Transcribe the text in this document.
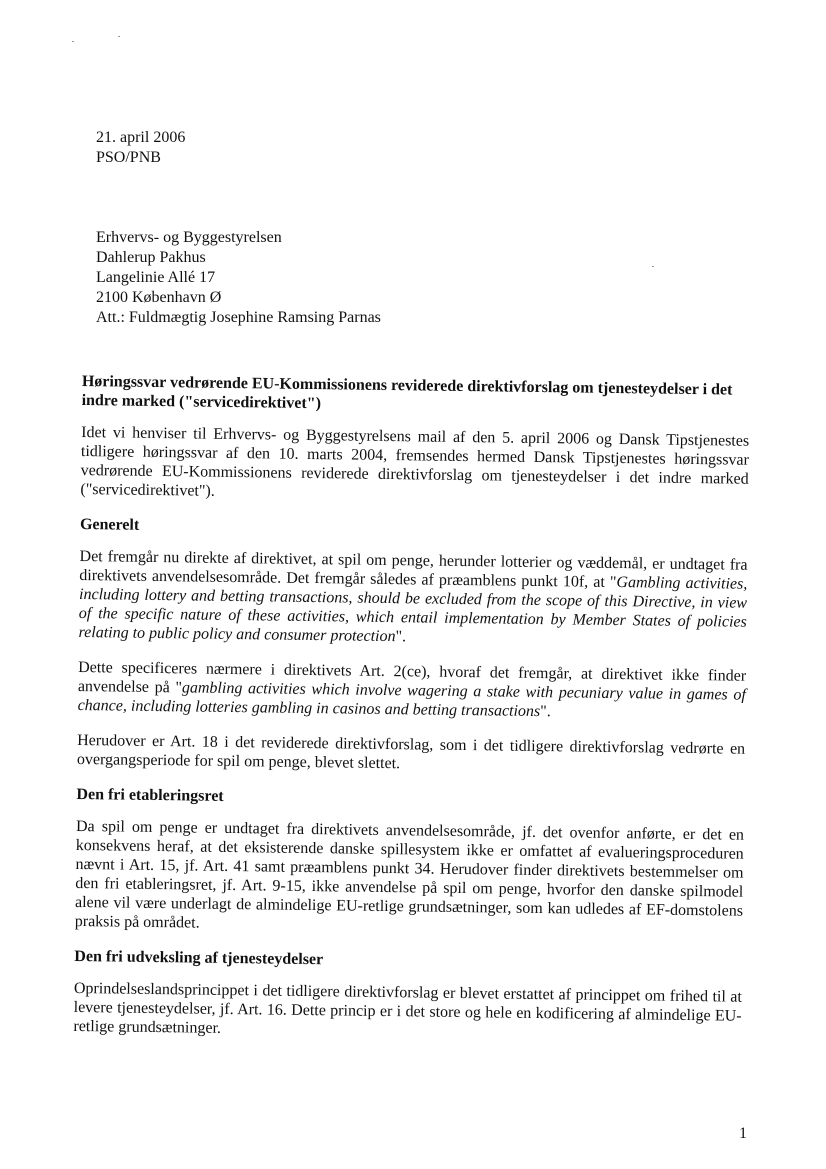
21. april 2006
PSO/PNB
Erhvervs- og Byggestyrelsen
Dahlerup Pakhus
Langelinie Allé 17
2100 København Ø
Att.: Fuldmægtig Josephine Ramsing Parnas
Høringssvar vedrørende EU-Kommissionens reviderede direktivforslag om tjenesteydelser i det indre marked ("servicedirektivet")

Idet vi henviser til Erhvervs- og Byggestyrelsens mail af den 5. april 2006 og Dansk Tipstjenestes tidligere høringssvar af den 10. marts 2004, fremsendes hermed Dansk Tipstjenestes høringssvar vedrørende EU-Kommissionens reviderede direktivforslag om tjenesteydelser i det indre marked ("servicedirektivet").

Generelt

Det fremgår nu direkte af direktivet, at spil om penge, herunder lotterier og væddemål, er undtaget fra direktivets anvendelsesområde. Det fremgår således af præamblens punkt 10f, at "Gambling activities, including lottery and betting transactions, should be excluded from the scope of this Directive, in view of the specific nature of these activities, which entail implementation by Member States of policies relating to public policy and consumer protection".

Dette specificeres nærmere i direktivets Art. 2(ce), hvoraf det fremgår, at direktivet ikke finder anvendelse på "gambling activities which involve wagering a stake with pecuniary value in games of chance, including lotteries gambling in casinos and betting transactions".

Herudover er Art. 18 i det reviderede direktivforslag, som i det tidligere direktivforslag vedrørte en overgangsperiode for spil om penge, blevet slettet.

Den fri etableringsret

Da spil om penge er undtaget fra direktivets anvendelsesområde, jf. det ovenfor anførte, er det en konsekvens heraf, at det eksisterende danske spillesystem ikke er omfattet af evalueringsproceduren nævnt i Art. 15, jf. Art. 41 samt præamblens punkt 34. Herudover finder direktivets bestemmelser om den fri etableringsret, jf. Art. 9-15, ikke anvendelse på spil om penge, hvorfor den danske spilmodel alene vil være underlagt de almindelige EU-retlige grundsætninger, som kan udledes af EF-domstolens praksis på området.

Den fri udveksling af tjenesteydelser

Oprindelseslandsprincippet i det tidligere direktivforslag er blevet erstattet af princippet om frihed til at levere tjenesteydelser, jf. Art. 16. Dette princip er i det store og hele en kodificering af almindelige EU-retlige grundsætninger.

1
